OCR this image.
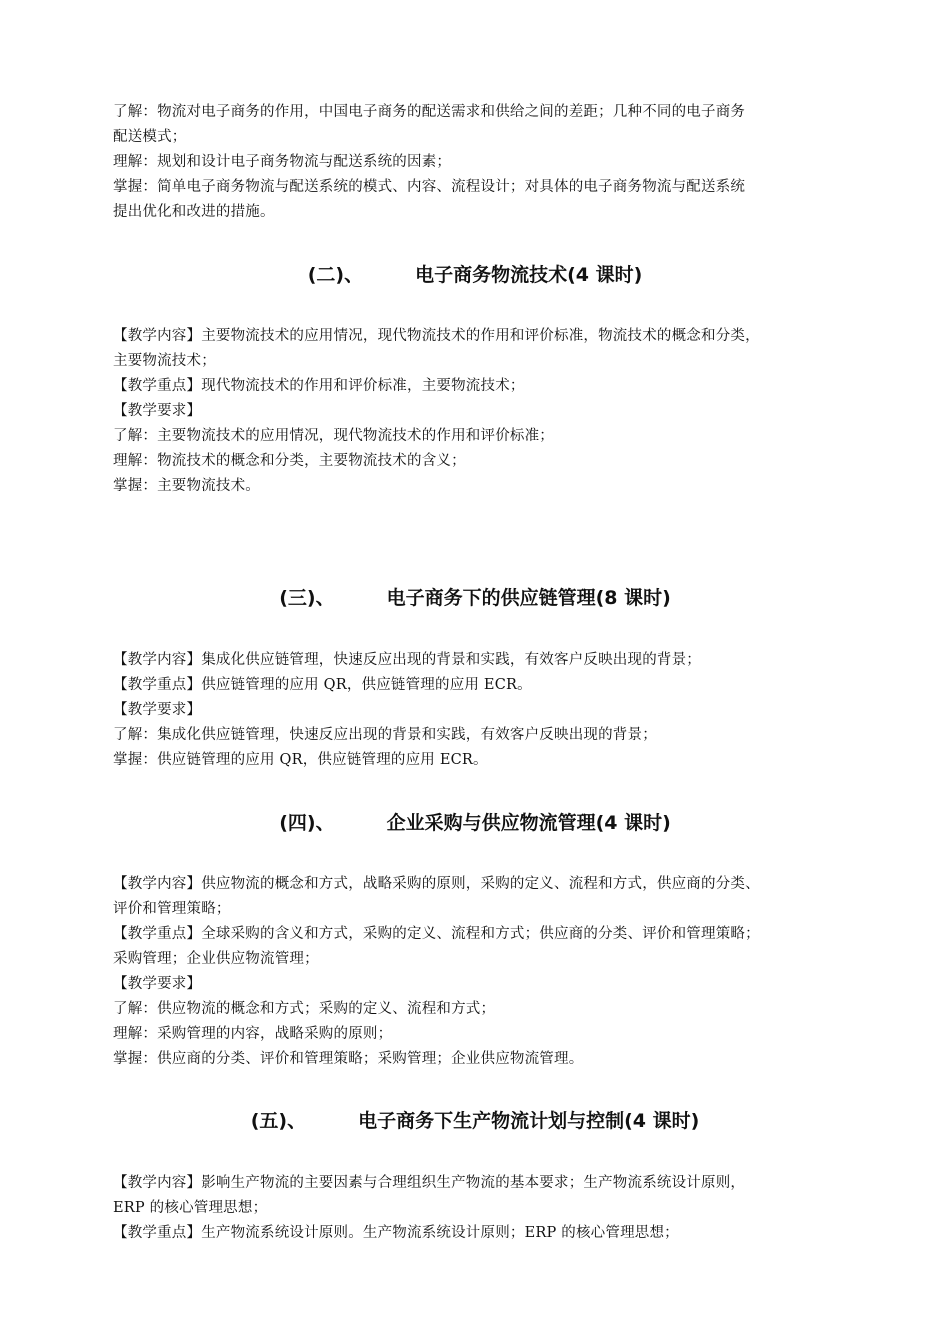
了解：物流对电子商务的作用，中国电子商务的配送需求和供给之间的差距；几种不同的电子商务
配送模式；
理解：规划和设计电子商务物流与配送系统的因素；
掌握：简单电子商务物流与配送系统的模式、内容、流程设计；对具体的电子商务物流与配送系统
提出优化和改进的措施。
(二)、	电子商务物流技术(4 课时)
【教学内容】主要物流技术的应用情况，现代物流技术的作用和评价标准，物流技术的概念和分类，
主要物流技术；
【教学重点】现代物流技术的作用和评价标准，主要物流技术；
【教学要求】
了解：主要物流技术的应用情况，现代物流技术的作用和评价标准；
理解：物流技术的概念和分类，主要物流技术的含义；
掌握：主要物流技术。
(三)、	电子商务下的供应链管理(8 课时)
【教学内容】集成化供应链管理，快速反应出现的背景和实践，有效客户反映出现的背景；
【教学重点】供应链管理的应用 QR，供应链管理的应用 ECR。
【教学要求】
了解：集成化供应链管理，快速反应出现的背景和实践，有效客户反映出现的背景；
掌握：供应链管理的应用 QR，供应链管理的应用 ECR。
(四)、	企业采购与供应物流管理(4 课时)
【教学内容】供应物流的概念和方式，战略采购的原则，采购的定义、流程和方式，供应商的分类、
评价和管理策略；
【教学重点】全球采购的含义和方式，采购的定义、流程和方式；供应商的分类、评价和管理策略；
采购管理；企业供应物流管理；
【教学要求】
了解：供应物流的概念和方式；采购的定义、流程和方式；
理解：采购管理的内容，战略采购的原则；
掌握：供应商的分类、评价和管理策略；采购管理；企业供应物流管理。
(五)、	电子商务下生产物流计划与控制(4 课时)
【教学内容】影响生产物流的主要因素与合理组织生产物流的基本要求；生产物流系统设计原则，
ERP 的核心管理思想；
【教学重点】生产物流系统设计原则。生产物流系统设计原则；ERP 的核心管理思想；
